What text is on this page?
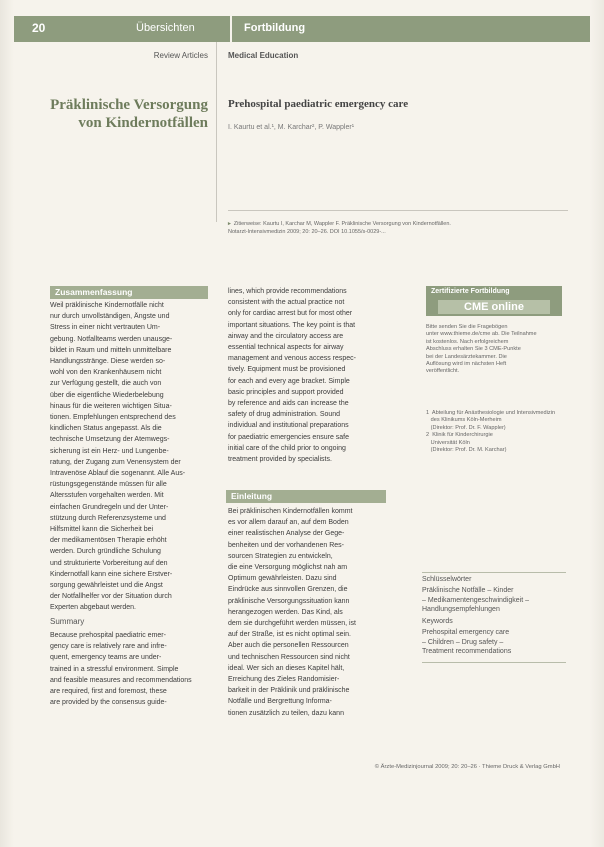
20	Übersichten	Fortbildung
Review Articles	Medical Education
Präklinische Versorgung
von Kindernotfällen
Prehospital paediatric emergency care
I. Kaurtu et al.¹, M. Karchar², P. Wappler¹
▸ Zitierweise: Kaurtu I, Karchar M, Wappler F. Präklinische Versorgung von Kindernotfällen.
Notarzt-Intensivmedizin 2009; 20: 20–26. DOI 10.1055/s-0029-...
Zusammenfassung
Weil präklinische Kindernotfälle nicht
nur durch unvollständigen, Ängste und
Stress in einer nicht vertrauten Um-
gebung. Notfallteams werden unausge-
bildet in Raum und mitteln unmittelbare
Handlungsstränge. Diese werden so-
wohl von den Krankenhäusern nicht
zur Verfügung gestellt, die auch von
über die eigentliche Wiederbelebung
hinaus für die weiteren wichtigen Situa-
tionen. Empfehlungen entsprechend des
kindlichen Status angepasst. Als die
technische Umsetzung der Atemwegs-
sicherung ist ein Herz- und Lungenbe-
ratung, der Zugang zum Venensystem der
Intravenöse Ablauf die sogenannt. Alle Aus-
rüstungsgegenstände müssen für alle
Altersstufen vorgehalten werden. Mit
einfachen Grundregeln und der Unter-
stützung durch Referenzsysteme und
Hilfsmittel kann die Sicherheit bei
der medikamentösen Therapie erhöht
werden. Durch gründliche Schulung
und strukturierte Vorbereitung auf den
Kindernotfall kann eine sichere Erstver-
sorgung gewährleistet und die Angst
der Notfallhelfer vor der Situation durch
Experten abgebaut werden.
Summary
Because prehospital paediatric emer-
gency care is relatively rare and infre-
quent, emergency teams are under-
trained in a stressful environment. Simple
and feasible measures and recommendations
are required, first and foremost, these
are provided by the consensus guide-
lines, which provide recommendations
consistent with the actual practice not
only for cardiac arrest but for most other
important situations. The key point is that
airway and the circulatory access are
essential technical aspects for airway
management and venous access respec-
tively. Equipment must be provisioned
for each and every age bracket. Simple
basic principles and support provided
by reference and aids can increase the
safety of drug administration. Sound
individual and institutional preparations
for paediatric emergencies ensure safe
initial care of the child prior to ongoing
treatment provided by specialists.
Einleitung
Bei präklinischen Kindernotfällen kommt
es vor allem darauf an, auf dem Boden
einer realistischen Analyse der Gege-
benheiten und der vorhandenen Res-
sourcen Strategien zu entwickeln,
die eine Versorgung möglichst nah am
Optimum gewährleisten. Dazu sind
Eindrücke aus sinnvollen Grenzen, die
präklinische Versorgungssituation kann
herangezogen werden. Das Kind, als
dem sie durchgeführt werden müssen, ist
auf der Straße, ist es nicht optimal sein.
Aber auch die personellen Ressourcen
und technischen Ressourcen sind nicht
ideal. Wer sich an dieses Kapitel hält,
Erreichung des Zieles Randomisier-
barkeit in der Präklinik und präklinische
Notfälle und Bergrettung Informa-
tionen zusätzlich zu teilen, dazu kann
Zertifizierte Fortbildung
CME online
Bitte senden Sie die Fragebögen
unter www.thieme.de/cme ab. Die Teilnahme
ist kostenlos. Nach erfolgreichem
Abschluss erhalten Sie 3 CME-Punkte
bei der Landesärztekammer. Die
Auflösung wird im nächsten Heft
veröffentlicht.
1  Abteilung für Anästhesiologie und Intensivmedizin
des Klinikums Köln-Merheim
(Direktor: Prof. Dr. F. Wappler)
2  Klinik für Kinderchirurgie
Universität Köln
(Direktor: Prof. Dr. M. Karchar)
Schlüsselwörter
Präklinische Notfälle – Kinder
– Medikamentengeschwindigkeit –
Handlungsempfehlungen
Keywords
Prehospital emergency care
– Children – Drug safety –
Treatment recommendations
© Ärzte-Medizinjournal 2009; 20: 20–26 · Thieme Druck & Verlag GmbH
